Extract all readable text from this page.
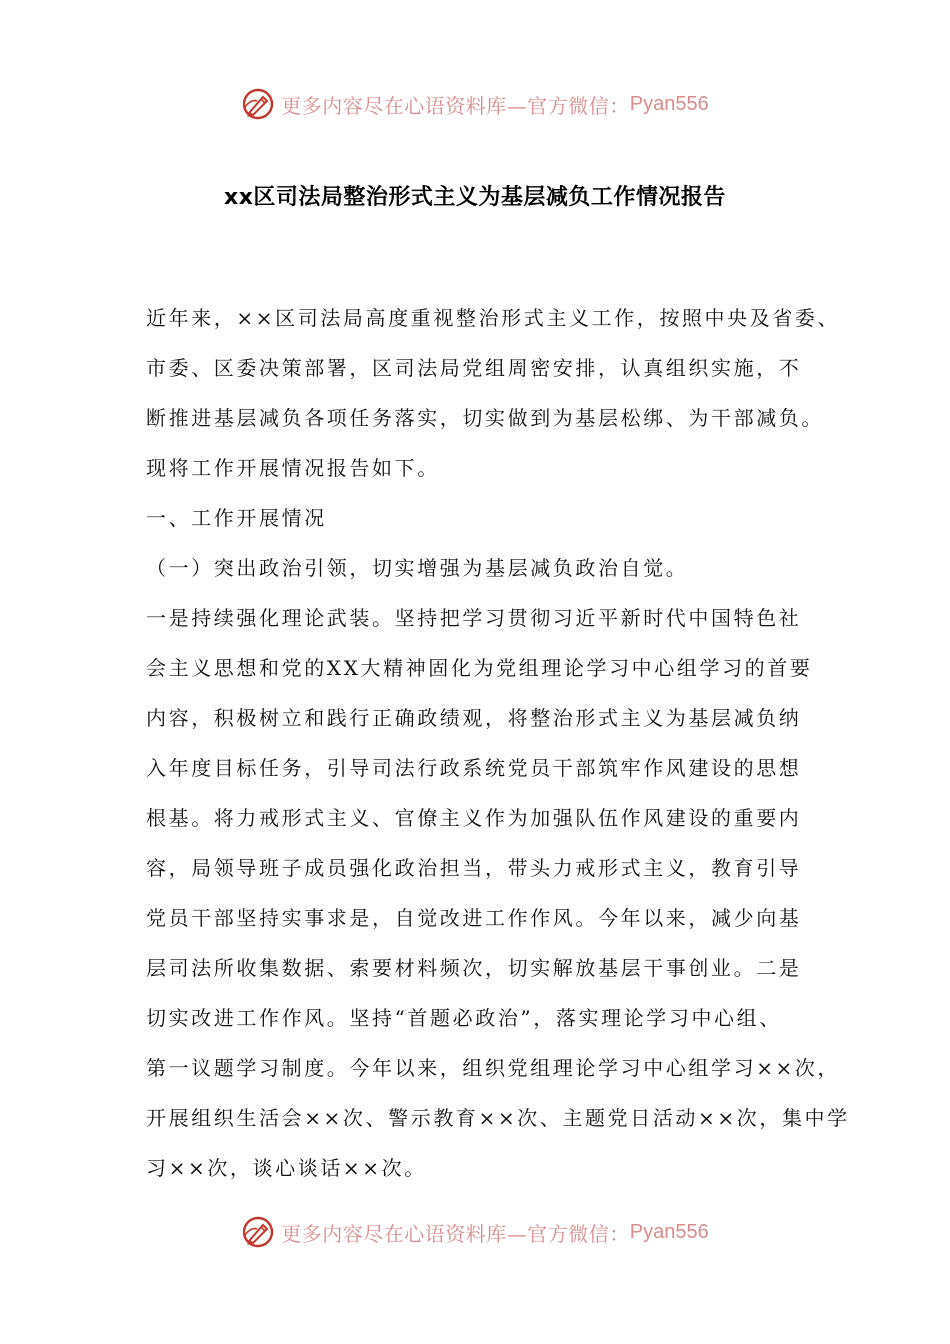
更多内容尽在心语资料库—官方微信： Pyan556
xx区司法局整治形式主义为基层减负工作情况报告
近年来，××区司法局高度重视整治形式主义工作，按照中央及省委、
市委、区委决策部署，区司法局党组周密安排，认真组织实施，不
断推进基层减负各项任务落实，切实做到为基层松绑、为干部减负。
现将工作开展情况报告如下。
一、工作开展情况
（一）突出政治引领，切实增强为基层减负政治自觉。
一是持续强化理论武装。坚持把学习贯彻习近平新时代中国特色社
会主义思想和党的XX大精神固化为党组理论学习中心组学习的首要
内容，积极树立和践行正确政绩观，将整治形式主义为基层减负纳
入年度目标任务，引导司法行政系统党员干部筑牢作风建设的思想
根基。将力戒形式主义、官僚主义作为加强队伍作风建设的重要内
容，局领导班子成员强化政治担当，带头力戒形式主义，教育引导
党员干部坚持实事求是，自觉改进工作作风。今年以来，减少向基
层司法所收集数据、索要材料频次，切实解放基层干事创业。二是
切实改进工作作风。坚持“首题必政治”，落实理论学习中心组、
第一议题学习制度。今年以来，组织党组理论学习中心组学习××次，
开展组织生活会××次、警示教育××次、主题党日活动××次，集中学
习××次，谈心谈话××次。
更多内容尽在心语资料库—官方微信： Pyan556
